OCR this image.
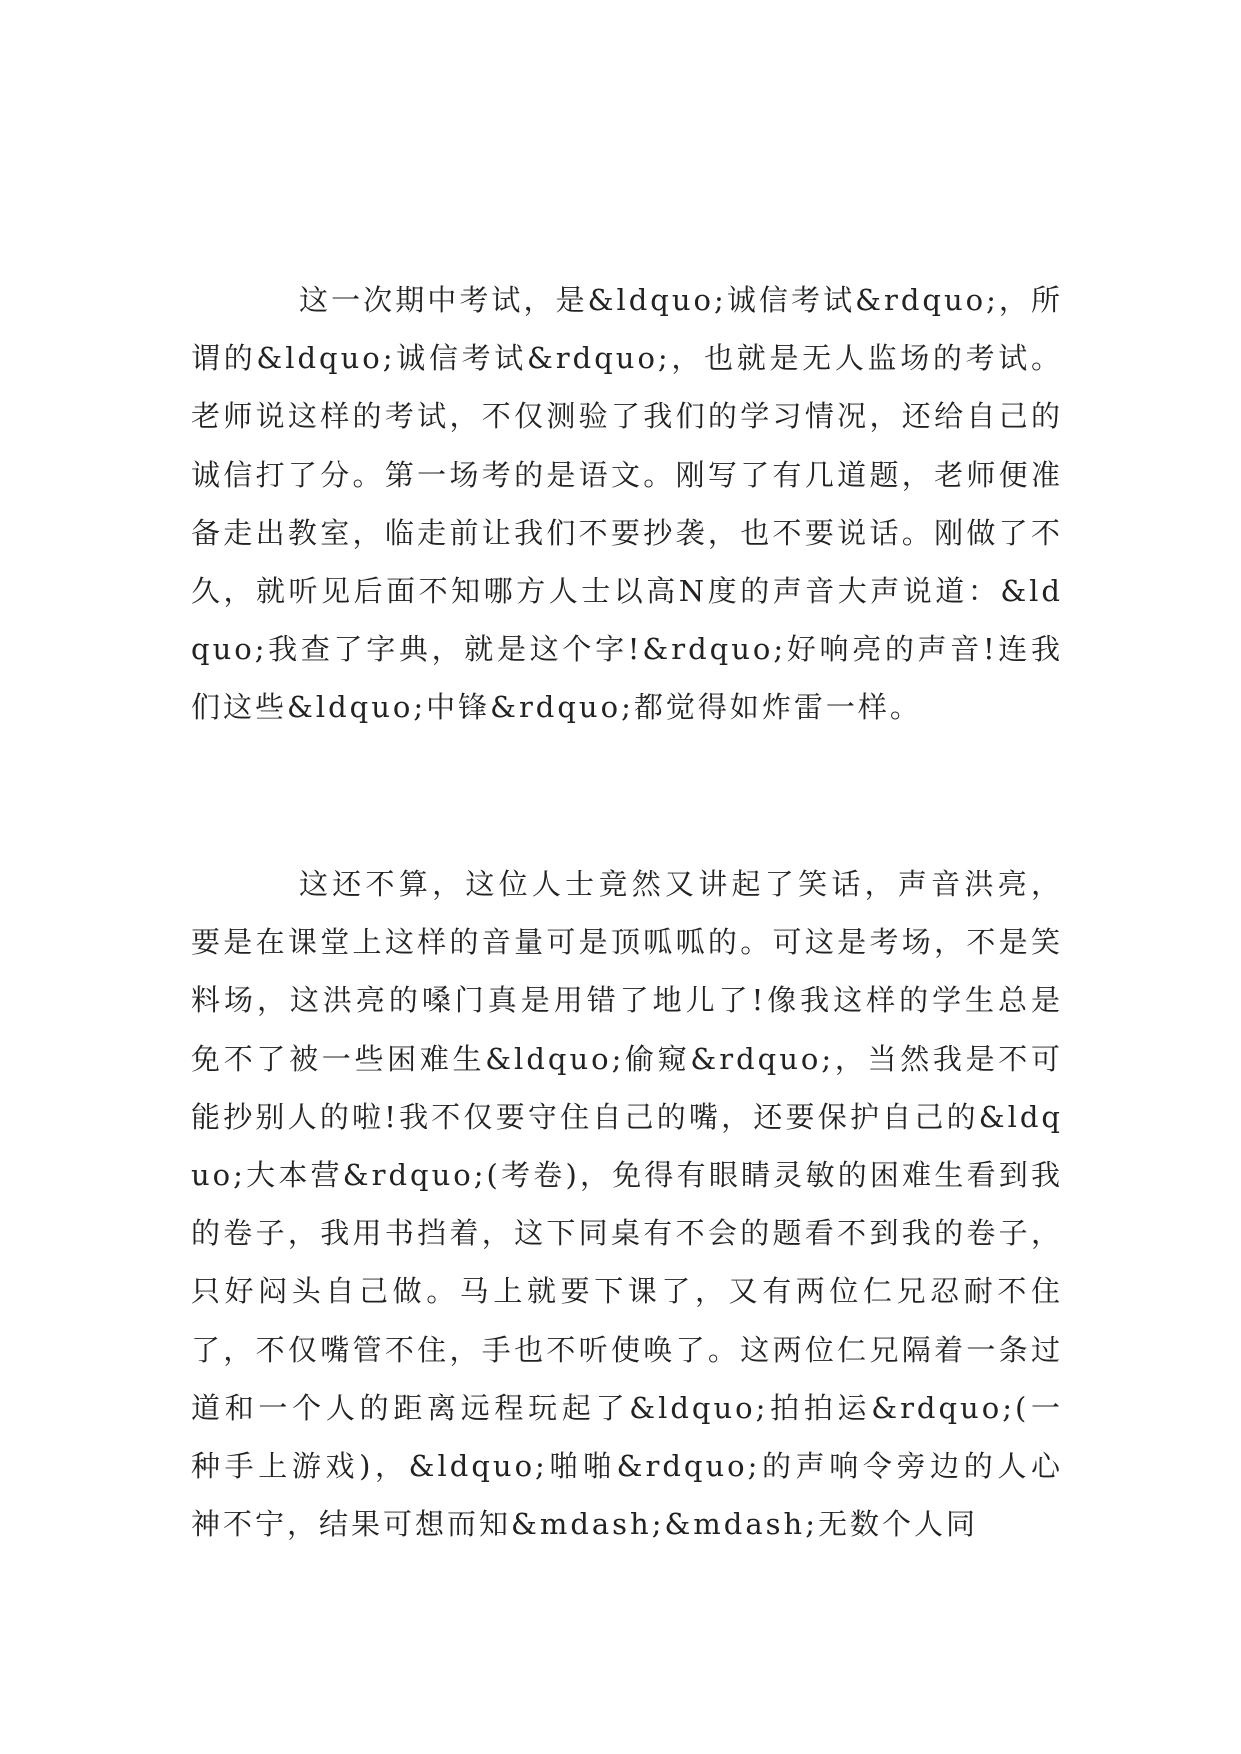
这一次期中考试，是&ldquo;诚信考试&rdquo;，所谓的&ldquo;诚信考试&rdquo;，也就是无人监场的考试。老师说这样的考试，不仅测验了我们的学习情况，还给自己的诚信打了分。第一场考的是语文。刚写了有几道题，老师便准备走出教室，临走前让我们不要抄袭，也不要说话。刚做了不久，就听见后面不知哪方人士以高N度的声音大声说道：&ldquo;我查了字典，就是这个字!&rdquo;好响亮的声音!连我们这些&ldquo;中锋&rdquo;都觉得如炸雷一样。

这还不算，这位人士竟然又讲起了笑话，声音洪亮，要是在课堂上这样的音量可是顶呱呱的。可这是考场，不是笑料场，这洪亮的嗓门真是用错了地儿了!像我这样的学生总是免不了被一些困难生&ldquo;偷窥&rdquo;，当然我是不可能抄别人的啦!我不仅要守住自己的嘴，还要保护自己的&ldquo;大本营&rdquo;(考卷)，免得有眼睛灵敏的困难生看到我的卷子，我用书挡着，这下同桌有不会的题看不到我的卷子，只好闷头自己做。马上就要下课了，又有两位仁兄忍耐不住了，不仅嘴管不住，手也不听使唤了。这两位仁兄隔着一条过道和一个人的距离远程玩起了&ldquo;拍拍运&rdquo;(一种手上游戏)，&ldquo;啪啪&rdquo;的声响令旁边的人心神不宁，结果可想而知&mdash;&mdash;无数个人同
